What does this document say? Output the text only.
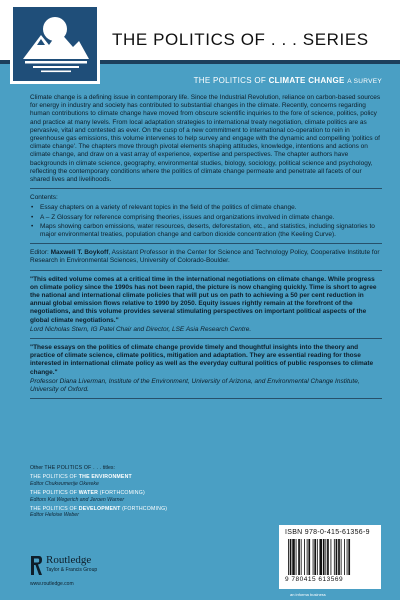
THE POLITICS OF . . . SERIES
THE POLITICS OF CLIMATE CHANGE A SURVEY

Climate change is a defining issue in contemporary life. Since the Industrial Revolution, reliance on carbon-based sources for energy in industry and society has contributed to substantial changes in the climate. Recently, concerns regarding human contributions to climate change have moved from obscure scientific inquiries to the fore of science, politics, policy and practice at many levels. From local adaptation strategies to international treaty negotiation, climate politics are as pervasive, vital and contested as ever. On the cusp of a new commitment to international co-operation to rein in greenhouse gas emissions, this volume intervenes to help survey and engage with the dynamic and compelling 'politics of climate change'. The chapters move through pivotal elements shaping attitudes, knowledge, intentions and actions on climate change, and draw on a vast array of experience, expertise and perspectives. The chapter authors have backgrounds in climate science, geography, environmental studies, biology, sociology, political science and psychology, reflecting the contemporary conditions where the politics of climate change permeate and penetrate all facets of our shared lives and livelihoods.

Contents:
• Essay chapters on a variety of relevant topics in the field of the politics of climate change.
• A – Z Glossary for reference comprising theories, issues and organizations involved in climate change.
• Maps showing carbon emissions, water resources, deserts, deforestation, etc., and statistics, including signatories to major environmental treaties, population change and carbon dioxide concentration (the Keeling Curve).
Editor: Maxwell T. Boykoff, Assistant Professor in the Center for Science and Technology Policy, Cooperative Institute for Research in Environmental Sciences, University of Colorado-Boulder.
"This edited volume comes at a critical time in the international negotiations on climate change. While progress on climate policy since the 1990s has not been rapid, the picture is now changing quickly. Time is short to agree the national and international climate policies that will put us on path to achieving a 50 per cent reduction in annual global emission flows relative to 1990 by 2050. Equity issues rightly remain at the forefront of the negotiations, and this volume provides several stimulating perspectives on important political aspects of the global climate negotiations."
Lord Nicholas Stern, IG Patel Chair and Director, LSE Asia Research Centre.
"These essays on the politics of climate change provide timely and thoughtful insights into the theory and practice of climate science, climate politics, mitigation and adaptation. They are essential reading for those interested in international climate policy as well as the everyday cultural politics of public responses to climate change."
Professor Diana Liverman, Institute of the Environment, University of Arizona, and Environmental Change Institute, University of Oxford.
Other THE POLITICS OF . . . titles:
THE POLITICS OF THE ENVIRONMENT
Editor Chukwumerije Okereke
THE POLITICS OF WATER (FORTHCOMING)
Editors Kai Wegerich and Jeroen Warner
THE POLITICS OF DEVELOPMENT (FORTHCOMING)
Editor Heloise Weber
Routledge
Taylor & Francis Group
www.routledge.com
ISBN 978-0-415-61356-9
9 780415 613569
an informa business
